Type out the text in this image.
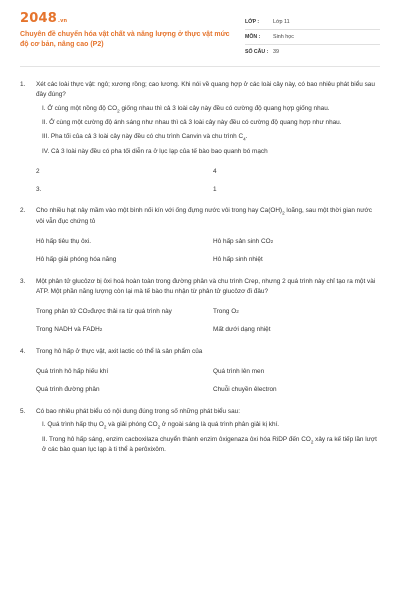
2048.vn
Chuyên đề chuyển hóa vật chất và năng lượng ở thực vật mức độ cơ bản, nâng cao (P2)
LỚP :	Lớp 11
MÔN :	Sinh học
SỐ CÂU : 39
1.	Xét các loài thực vật: ngô; xương rồng; cao lương. Khi nói về quang hợp ở các loài cây này, có bao nhiêu phát biểu sau đây đúng?
I. Ở cùng một nồng độ $CO_2$ giống nhau thì cả 3 loài cây này đều có cường độ quang hợp giống nhau.
II. Ở cùng một cường độ ánh sáng như nhau thì cả 3 loài cây này đều có cường độ quang hợp như nhau.
III. Pha tối của cả 3 loài cây này đều có chu trình Canvin và chu trình $C_4$.
IV. Cả 3 loài này đều có pha tối diễn ra ở lục lạp của tế bào bao quanh bó mạch
2	4
3.	1
2.	Cho nhiều hạt nảy mầm vào một bình nối kín với ống đựng nước vôi trong hay $Ca(OH)_2$ loãng, sau một thời gian nước vôi vẫn đục chứng tỏ
Hô hấp tiêu thụ ôxi.	Hô hấp sản sinh CO 2
Hô hấp giải phóng hóa năng	Hô hấp sinh nhiệt
3.	Một phân tử glucôzơ bị ôxi hoá hoàn toàn trong đường phân và chu trình Crep, nhưng 2 quá trình này chỉ tạo ra một vài ATP. Một phần năng lượng còn lại mà tế bào thu nhận từ phân tử glucôzơ đi đâu?
Trong phân tử CO 2 được thải ra từ quá trình này	Trong O 2
Trong NADH và FADH 2	Mất dưới dạng nhiệt
4.	Trong hô hấp ở thực vật, axit lactic có thể là sản phẩm của
Quá trình hô hấp hiếu khí	Quá trình lên men
Quá trình đường phân	Chuỗi chuyền êlectron
5.	Có bao nhiêu phát biểu có nội dung đúng trong số những phát biểu sau:
I. Quá trình hấp thụ $O_2$ và giải phóng $CO_2$ ở ngoài sáng là quá trình phân giải kị khí.
II. Trong hô hấp sáng, enzim cacboxilaza chuyển thành enzim ôxigenaza ôxi hóa RiDP đến $CO_2$ xảy ra kế tiếp lần lượt ở các bào quan lục lạp à ti thể à perôxixôm.
